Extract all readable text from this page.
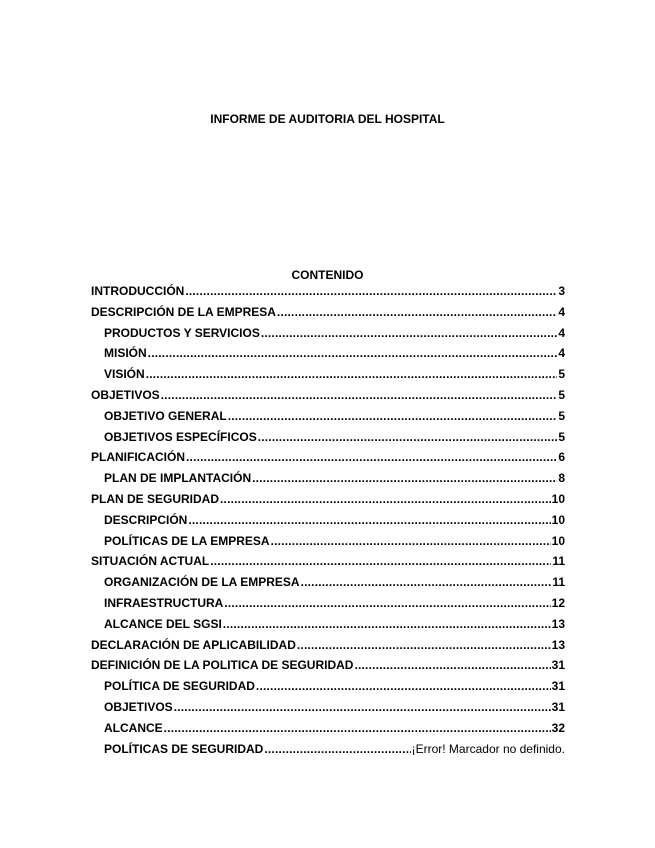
INFORME DE AUDITORIA DEL HOSPITAL
CONTENIDO
INTRODUCCIÓN .....	3
DESCRIPCIÓN DE LA EMPRESA .....	4
PRODUCTOS Y SERVICIOS .....	4
MISIÓN .....	4
VISIÓN .....	5
OBJETIVOS .....	5
OBJETIVO GENERAL .....	5
OBJETIVOS ESPECÍFICOS .....	5
PLANIFICACIÓN .....	6
PLAN DE IMPLANTACIÓN .....	8
PLAN DE SEGURIDAD .....	10
DESCRIPCIÓN .....	10
POLÍTICAS DE LA EMPRESA .....	10
SITUACIÓN ACTUAL .....	11
ORGANIZACIÓN DE LA EMPRESA .....	11
INFRAESTRUCTURA .....	12
ALCANCE DEL SGSI .....	13
DECLARACIÓN DE APLICABILIDAD .....	13
DEFINICIÓN DE LA POLITICA DE SEGURIDAD .....	31
POLÍTICA DE SEGURIDAD .....	31
OBJETIVOS .....	31
ALCANCE .....	32
POLÍTICAS DE SEGURIDAD .....	¡Error! Marcador no definido.
